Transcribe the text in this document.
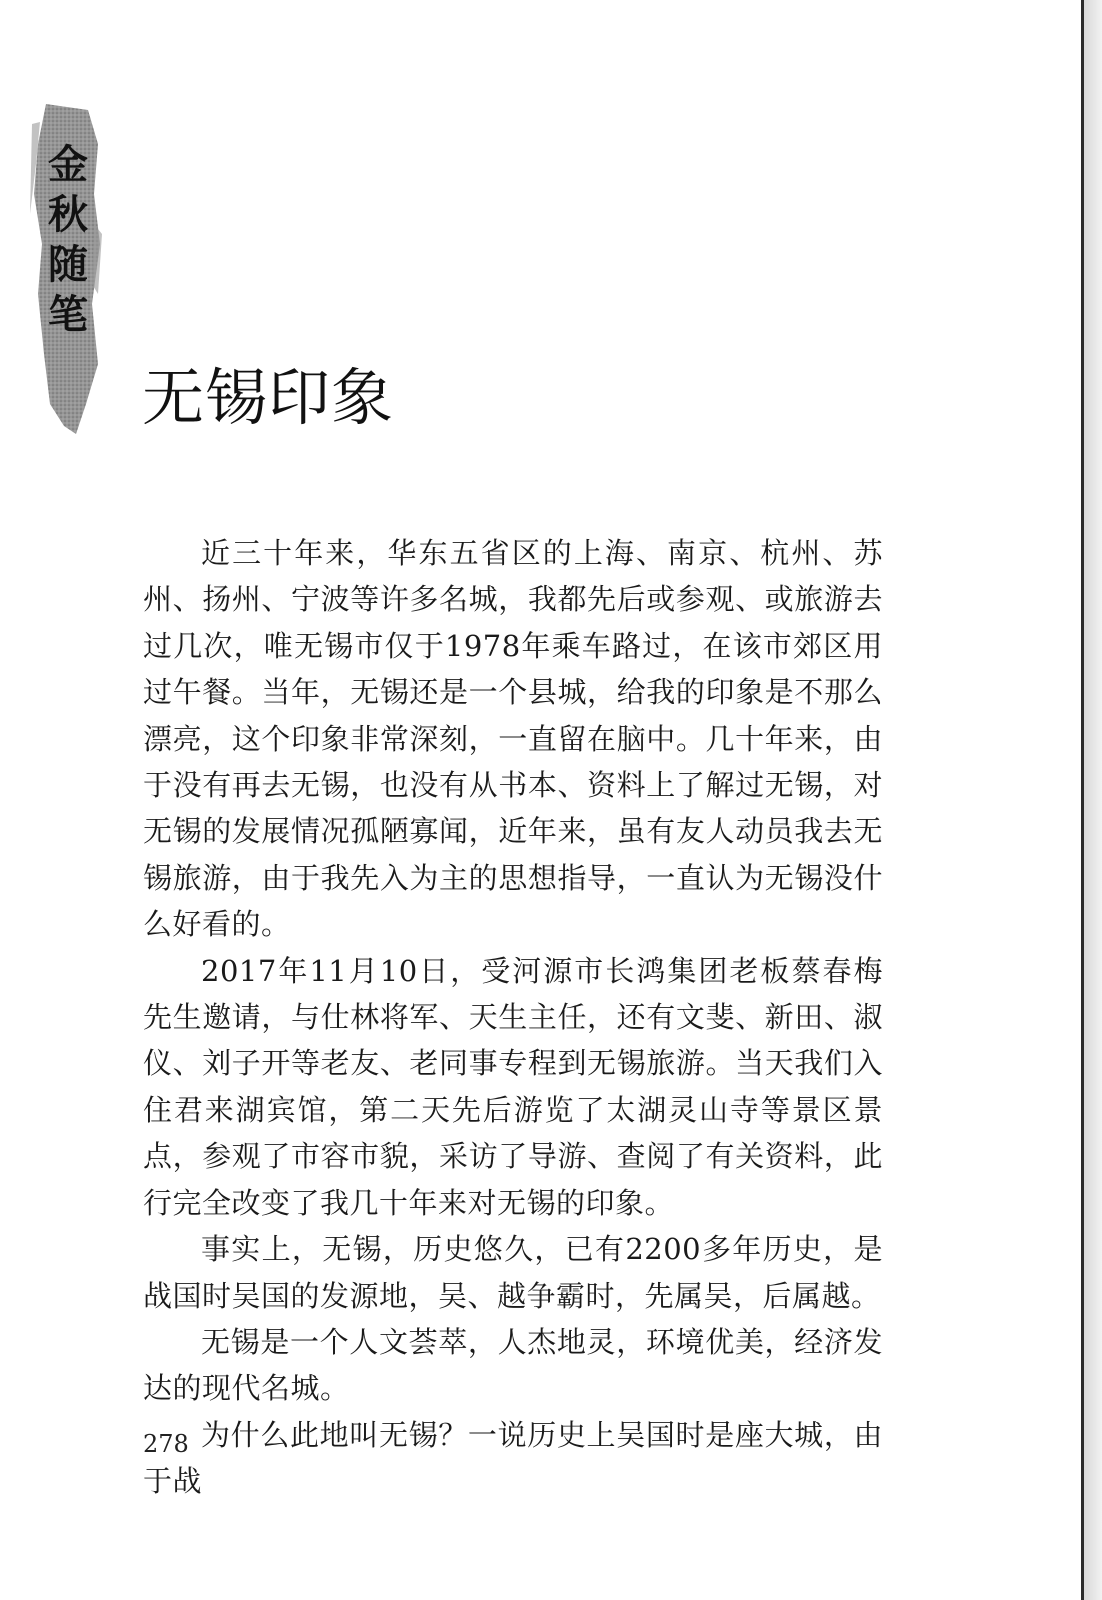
金
秋
随
笔
无锡印象

近三十年来，华东五省区的上海、南京、杭州、苏州、扬州、宁波等许多名城，我都先后或参观、或旅游去过几次，唯无锡市仅于1978年乘车路过，在该市郊区用过午餐。当年，无锡还是一个县城，给我的印象是不那么漂亮，这个印象非常深刻，一直留在脑中。几十年来，由于没有再去无锡，也没有从书本、资料上了解过无锡，对无锡的发展情况孤陋寡闻，近年来，虽有友人动员我去无锡旅游，由于我先入为主的思想指导，一直认为无锡没什么好看的。

2017年11月10日，受河源市长鸿集团老板蔡春梅先生邀请，与仕林将军、天生主任，还有文斐、新田、淑仪、刘子开等老友、老同事专程到无锡旅游。当天我们入住君来湖宾馆，第二天先后游览了太湖灵山寺等景区景点，参观了市容市貌，采访了导游、查阅了有关资料，此行完全改变了我几十年来对无锡的印象。

事实上，无锡，历史悠久，已有2200多年历史，是战国时吴国的发源地，吴、越争霸时，先属吴，后属越。

无锡是一个人文荟萃，人杰地灵，环境优美，经济发达的现代名城。

为什么此地叫无锡？一说历史上吴国时是座大城，由于战

278
